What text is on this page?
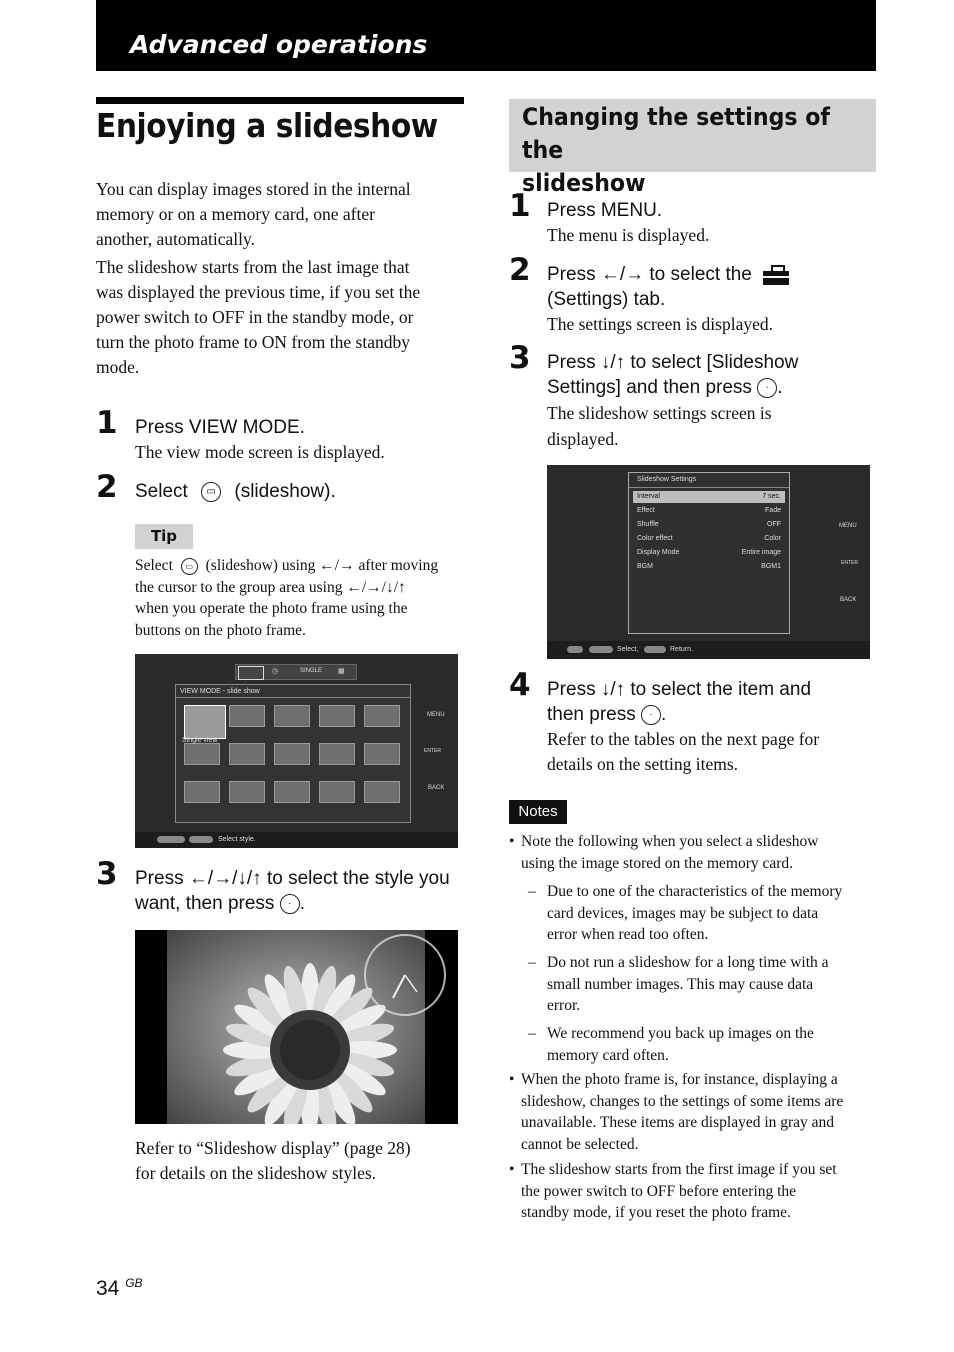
Advanced operations
Enjoying a slideshow
You can display images stored in the internal
memory or on a memory card, one after
another, automatically.
The slideshow starts from the last image that
was displayed the previous time, if you set the
power switch to OFF in the standby mode, or
turn the photo frame to ON from the standby
mode.
1 Press VIEW MODE.
The view mode screen is displayed.
2 Select ▭ (slideshow).
Tip
Select ▭ (slideshow) using ←/→ after moving
the cursor to the group area using ←/→/↓/↑
when you operate the photo frame using the
buttons on the photo frame.
◷	SINGLE ▦
VIEW MODE - slide show
Single view
MENU
ENTER
BACK
Select style.
3 Press ←/→/↓/↑ to select the style you
want, then press · .
Refer to “Slideshow display” (page 28)
for details on the slideshow styles.
Changing the settings of the
slideshow
1 Press MENU.
The menu is displayed.
2 Press ←/→ to select the
(Settings) tab.
The settings screen is displayed.
3 Press ↓/↑ to select [Slideshow
Settings] and then press · .
The slideshow settings screen is
displayed.
Slideshow Settings
Interval	7 sec.
Effect	Fade
Shuffle	OFF
Color effect	Color
Display Mode	Entire image
BGM	BGM1
MENU
ENTER
BACK
Select,	Return.
4 Press ↓/↑ to select the item and
then press · .
Refer to the tables on the next page for
details on the setting items.
Notes
• Note the following when you select a slideshow
using the image stored on the memory card.
– Due to one of the characteristics of the memory
card devices, images may be subject to data
error when read too often.
– Do not run a slideshow for a long time with a
small number images. This may cause data
error.
– We recommend you back up images on the
memory card often.
• When the photo frame is, for instance, displaying a
slideshow, changes to the settings of some items are
unavailable. These items are displayed in gray and
cannot be selected.
• The slideshow starts from the first image if you set
the power switch to OFF before entering the
standby mode, if you reset the photo frame.
34 $^{GB}$
